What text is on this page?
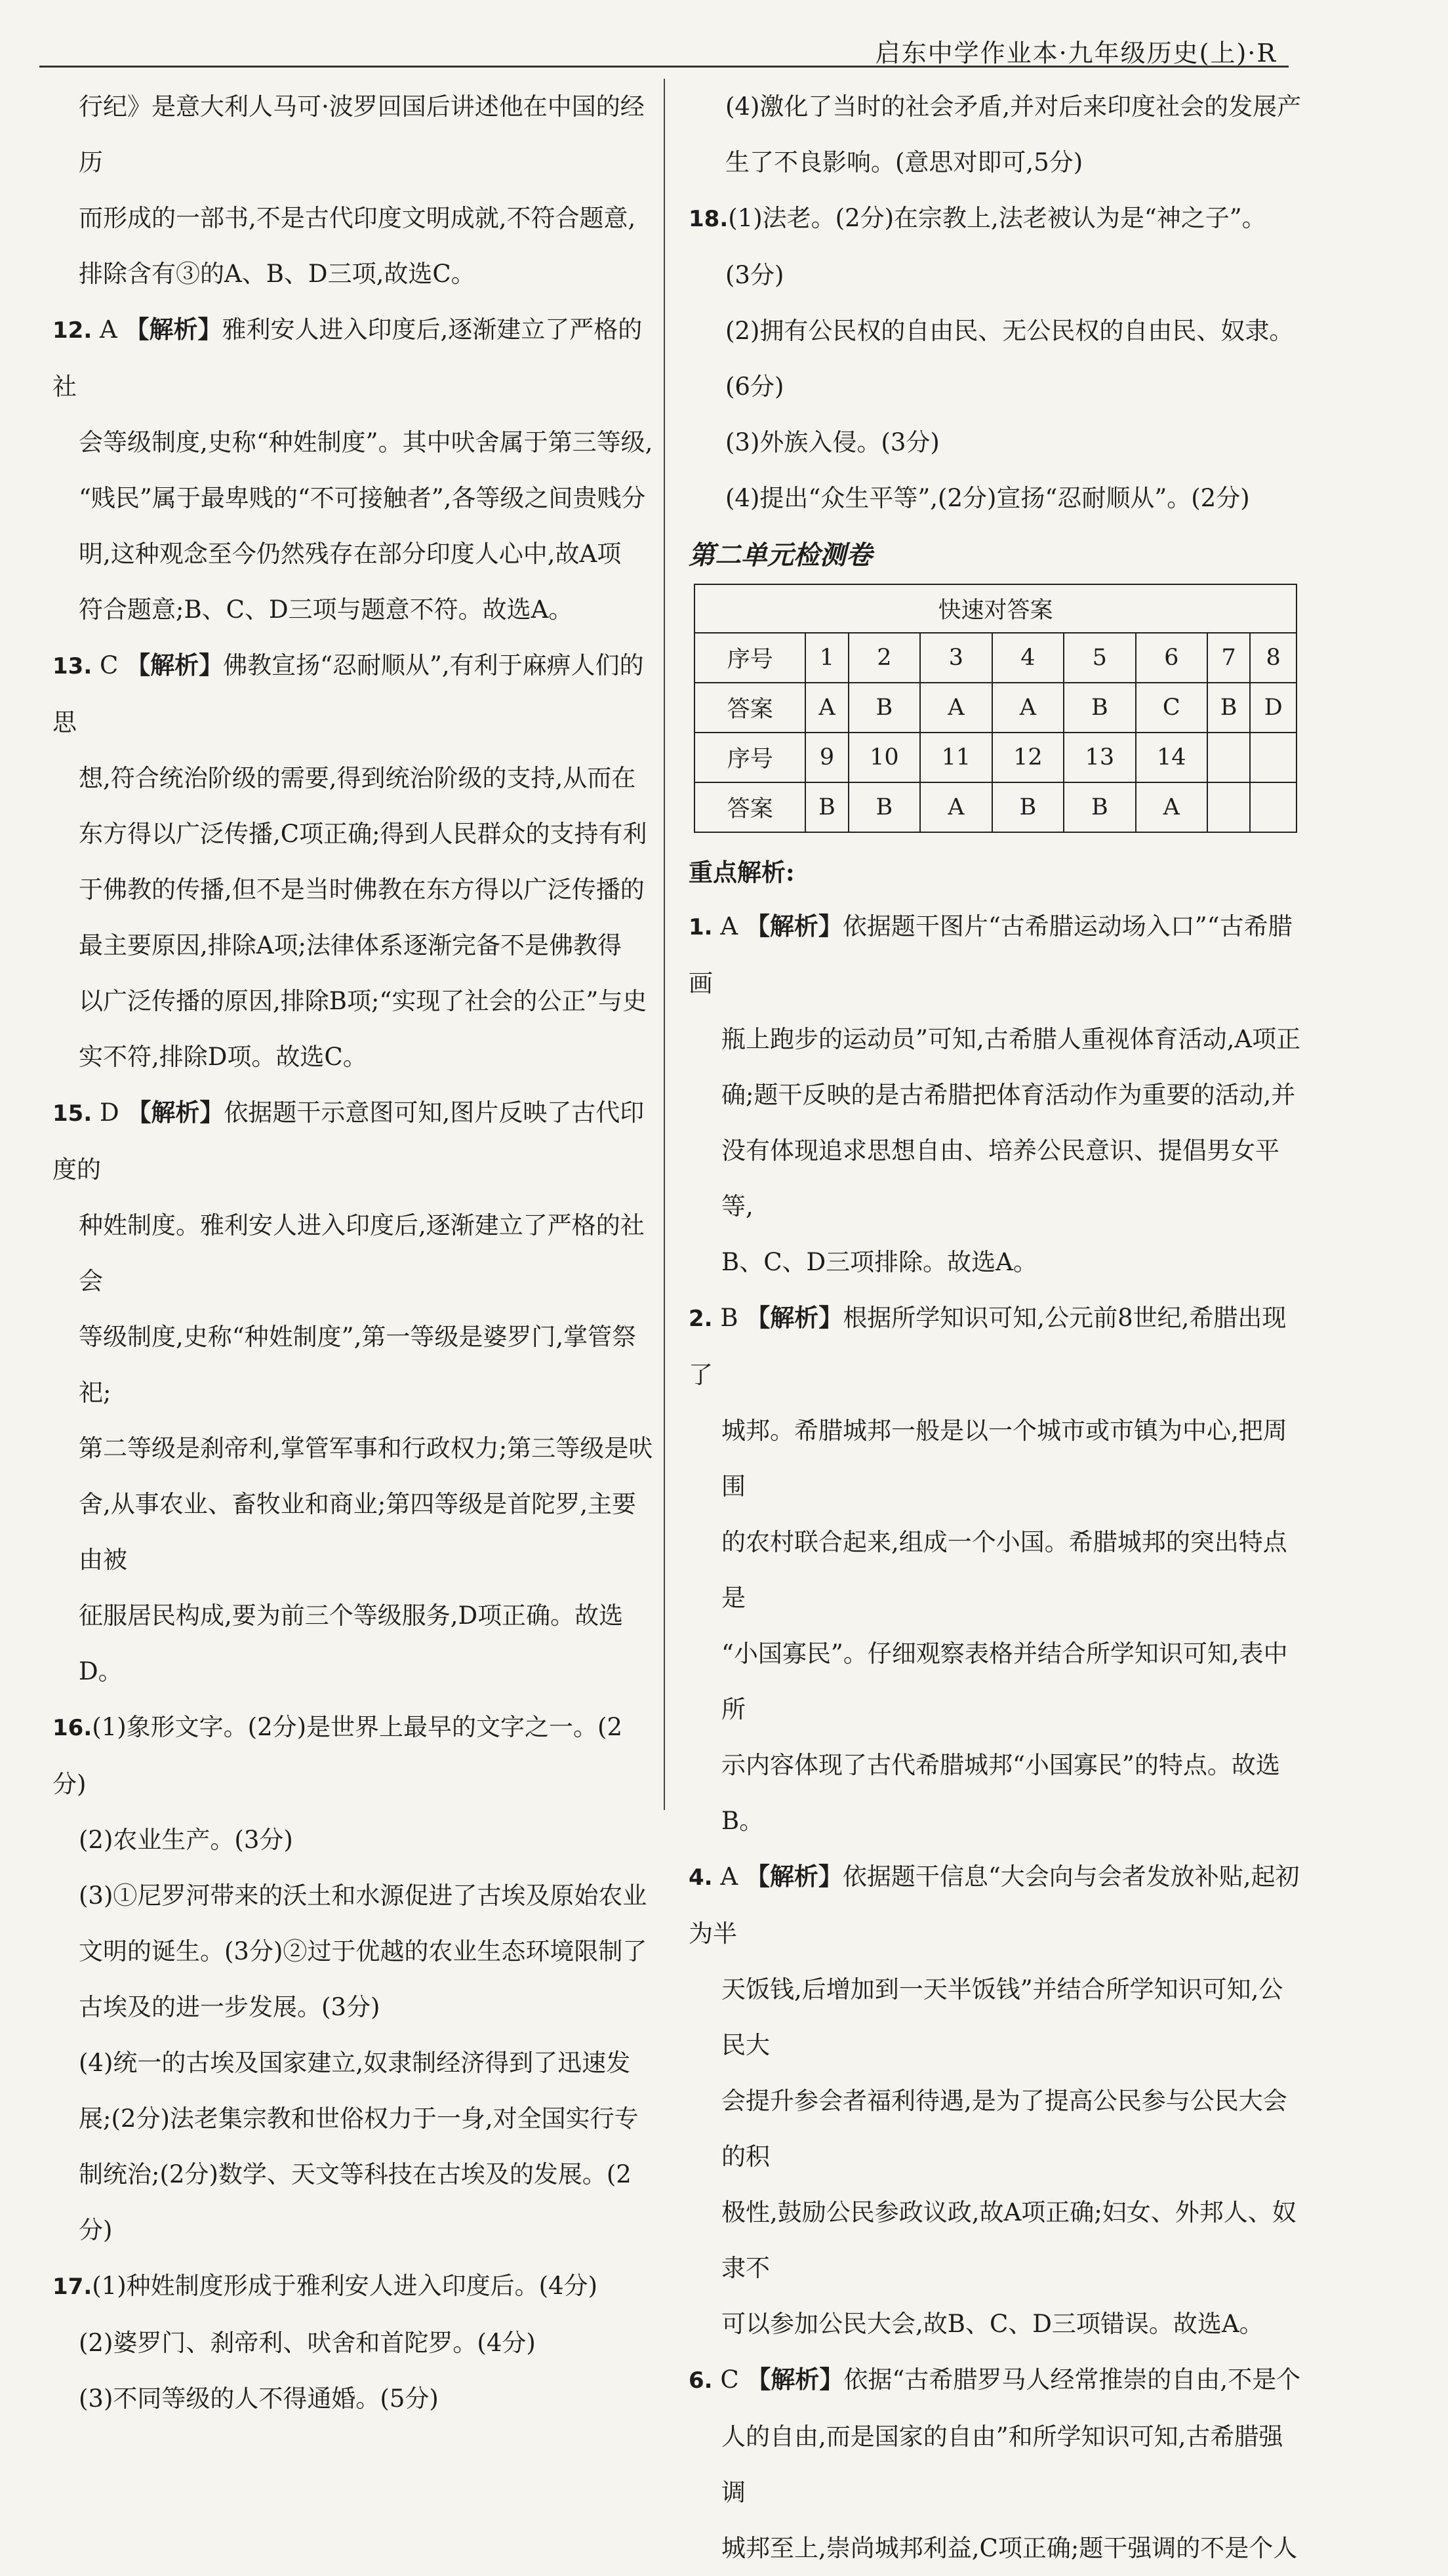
启东中学作业本·九年级历史(上)·R

行纪》是意大利人马可·波罗回国后讲述他在中国的经历

而形成的一部书,不是古代印度文明成就,不符合题意,

排除含有③的A、B、D三项,故选C。

12. A 【解析】雅利安人进入印度后,逐渐建立了严格的社

会等级制度,史称“种姓制度”。其中吠舍属于第三等级,

“贱民”属于最卑贱的“不可接触者”,各等级之间贵贱分

明,这种观念至今仍然残存在部分印度人心中,故A项

符合题意;B、C、D三项与题意不符。故选A。

13. C 【解析】佛教宣扬“忍耐顺从”,有利于麻痹人们的思

想,符合统治阶级的需要,得到统治阶级的支持,从而在

东方得以广泛传播,C项正确;得到人民群众的支持有利

于佛教的传播,但不是当时佛教在东方得以广泛传播的

最主要原因,排除A项;法律体系逐渐完备不是佛教得

以广泛传播的原因,排除B项;“实现了社会的公正”与史

实不符,排除D项。故选C。

15. D 【解析】依据题干示意图可知,图片反映了古代印度的

种姓制度。雅利安人进入印度后,逐渐建立了严格的社会

等级制度,史称“种姓制度”,第一等级是婆罗门,掌管祭祀;

第二等级是刹帝利,掌管军事和行政权力;第三等级是吠

舍,从事农业、畜牧业和商业;第四等级是首陀罗,主要由被

征服居民构成,要为前三个等级服务,D项正确。故选D。

16.(1)象形文字。(2分)是世界上最早的文字之一。(2分)

(2)农业生产。(3分)

(3)①尼罗河带来的沃土和水源促进了古埃及原始农业

文明的诞生。(3分)②过于优越的农业生态环境限制了

古埃及的进一步发展。(3分)

(4)统一的古埃及国家建立,奴隶制经济得到了迅速发

展;(2分)法老集宗教和世俗权力于一身,对全国实行专

制统治;(2分)数学、天文等科技在古埃及的发展。(2分)

17.(1)种姓制度形成于雅利安人进入印度后。(4分)

(2)婆罗门、刹帝利、吠舍和首陀罗。(4分)

(3)不同等级的人不得通婚。(5分)

(4)激化了当时的社会矛盾,并对后来印度社会的发展产

生了不良影响。(意思对即可,5分)

18.(1)法老。(2分)在宗教上,法老被认为是“神之子”。

(3分)

(2)拥有公民权的自由民、无公民权的自由民、奴隶。(6分)

(3)外族入侵。(3分)

(4)提出“众生平等”,(2分)宣扬“忍耐顺从”。(2分)

第二单元检测卷

快速对答案								
序号	1	2	3	4	5	6	7	8
答案	A	B	A	A	B	C	B	D
序号	9	10	11	12	13	14		
答案	B	B	A	B	B	A		

重点解析:

1. A 【解析】依据题干图片“古希腊运动场入口”“古希腊画

瓶上跑步的运动员”可知,古希腊人重视体育活动,A项正

确;题干反映的是古希腊把体育活动作为重要的活动,并

没有体现追求思想自由、培养公民意识、提倡男女平等,

B、C、D三项排除。故选A。

2. B 【解析】根据所学知识可知,公元前8世纪,希腊出现了

城邦。希腊城邦一般是以一个城市或市镇为中心,把周围

的农村联合起来,组成一个小国。希腊城邦的突出特点是

“小国寡民”。仔细观察表格并结合所学知识可知,表中所

示内容体现了古代希腊城邦“小国寡民”的特点。故选B。

4. A 【解析】依据题干信息“大会向与会者发放补贴,起初为半

天饭钱,后增加到一天半饭钱”并结合所学知识可知,公民大

会提升参会者福利待遇,是为了提高公民参与公民大会的积

极性,鼓励公民参政议政,故A项正确;妇女、外邦人、奴隶不

可以参加公民大会,故B、C、D三项错误。故选A。

6. C 【解析】依据“古希腊罗马人经常推崇的自由,不是个

人的自由,而是国家的自由”和所学知识可知,古希腊强调

城邦至上,崇尚城邦利益,C项正确;题干强调的不是个人
